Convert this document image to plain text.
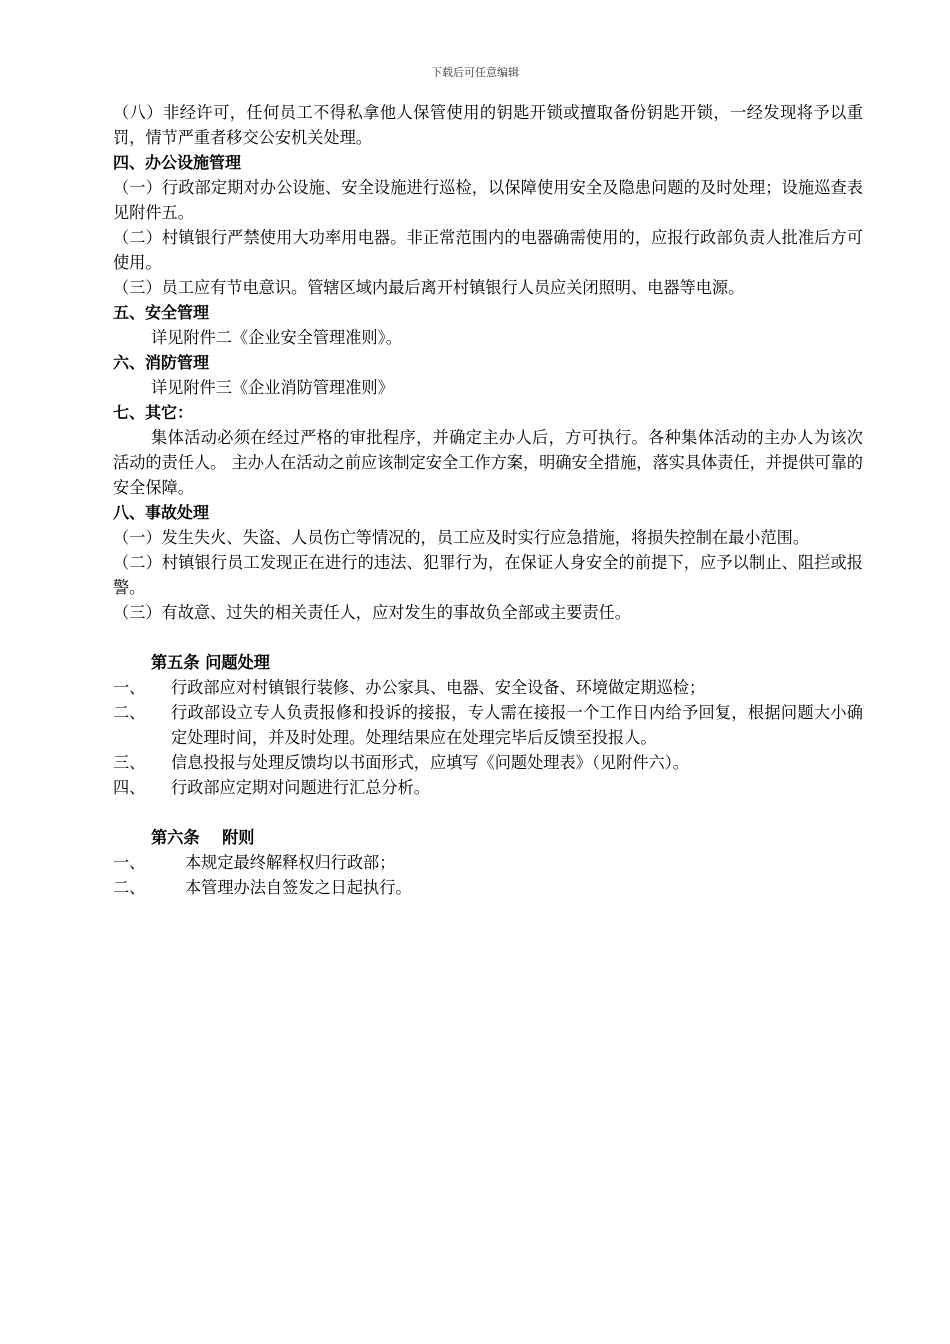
下载后可任意编辑

（八）非经许可，任何员工不得私拿他人保管使用的钥匙开锁或擅取备份钥匙开锁，一经发现将予以重罚，情节严重者移交公安机关处理。

四、办公设施管理

（一）行政部定期对办公设施、安全设施进行巡检，以保障使用安全及隐患问题的及时处理；设施巡查表见附件五。

（二）村镇银行严禁使用大功率用电器。非正常范围内的电器确需使用的，应报行政部负责人批准后方可使用。

（三）员工应有节电意识。管辖区域内最后离开村镇银行人员应关闭照明、电器等电源。

五、安全管理

详见附件二《企业安全管理准则》。

六、消防管理

详见附件三《企业消防管理准则》

七、其它：

集体活动必须在经过严格的审批程序，并确定主办人后，方可执行。各种集体活动的主办人为该次活动的责任人。 主办人在活动之前应该制定安全工作方案，明确安全措施，落实具体责任，并提供可靠的安全保障。

八、事故处理

（一）发生失火、失盗、人员伤亡等情况的，员工应及时实行应急措施，将损失控制在最小范围。

（二）村镇银行员工发现正在进行的违法、犯罪行为，在保证人身安全的前提下，应予以制止、阻拦或报警。

（三）有故意、过失的相关责任人，应对发生的事故负全部或主要责任。

第五条 问题处理

一、	行政部应对村镇银行装修、办公家具、电器、安全设备、环境做定期巡检；
二、	行政部设立专人负责报修和投诉的接报，专人需在接报一个工作日内给予回复，根据问题大小确定处理时间，并及时处理。处理结果应在处理完毕后反馈至投报人。
三、	信息投报与处理反馈均以书面形式，应填写《问题处理表》（见附件六）。
四、	行政部应定期对问题进行汇总分析。

第六条    附则

一、	本规定最终解释权归行政部；
二、	本管理办法自签发之日起执行。
